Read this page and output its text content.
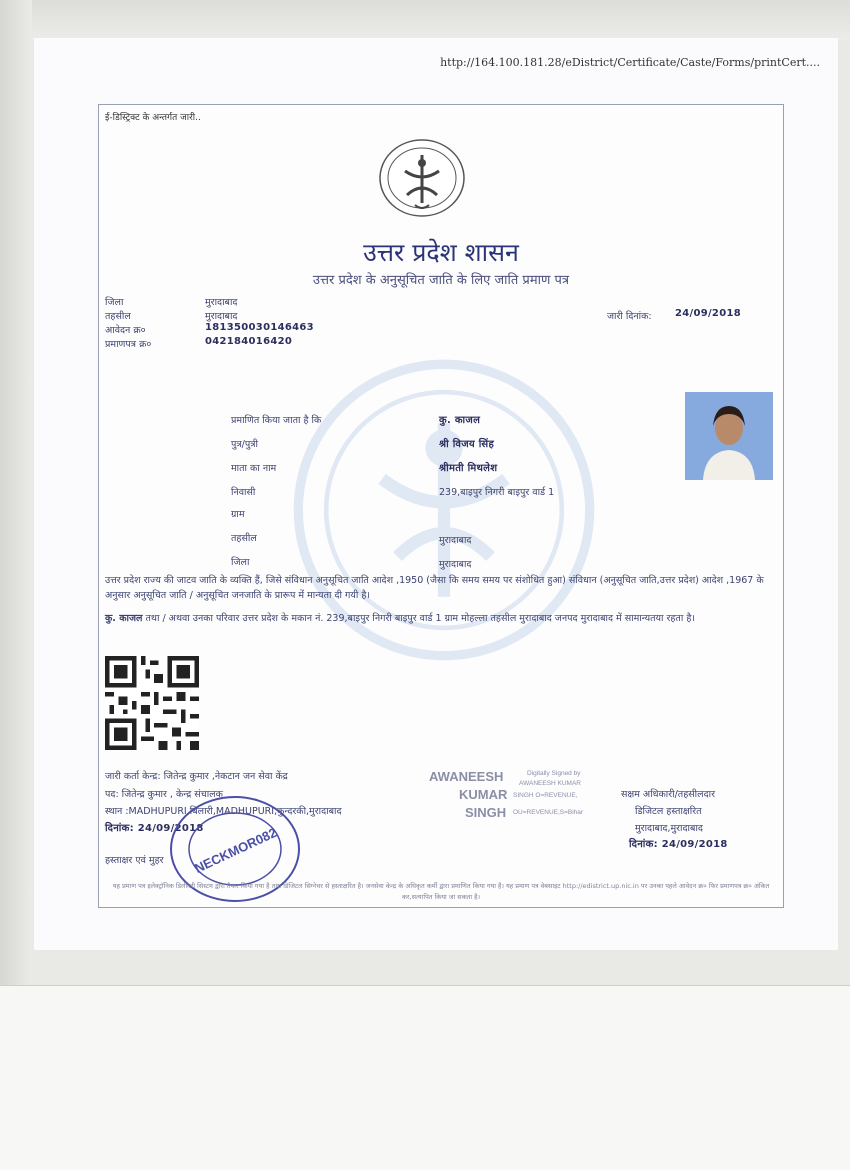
http://164.100.181.28/eDistrict/Certificate/Caste/Forms/printCert....
ई-डिस्ट्रिक्ट के अन्तर्गत जारी..
उत्तर प्रदेश शासन
उत्तर प्रदेश के अनुसूचित जाति के लिए जाति प्रमाण पत्र
जिला	मुरादाबाद
तहसील	मुरादाबाद
आवेदन क्र०	181350030146463
प्रमाणपत्र क्र०	042184016420
जारी दिनांक: 24/09/2018
प्रमाणित किया जाता है कि	कु. काजल
पुत्र/पुत्री	श्री विजय सिंह
माता का नाम	श्रीमती मिथलेश
निवासी	239,बाइपुर निगरी बाइपुर वार्ड 1
ग्राम
तहसील	मुरादाबाद
जिला	मुरादाबाद
उत्तर प्रदेश राज्य की जाटव जाति के व्यक्ति हैं, जिसे संविधान अनुसूचित जाति आदेश ,1950 (जैसा कि समय समय पर संशोधित हुआ) संविधान (अनुसूचित जाति,उत्तर प्रदेश) आदेश ,1967 के अनुसार अनुसूचित जाति / अनुसूचित जनजाति के प्रारूप में मान्यता दी गयी है।
कु. काजल तथा / अथवा उनका परिवार उत्तर प्रदेश के मकान नं. 239,बाइपुर निगरी बाइपुर वार्ड 1 ग्राम मोहल्ला तहसील मुरादाबाद जनपद मुरादाबाद में सामान्यतया रहता है।
जारी कर्ता केन्द्र: जितेन्द्र कुमार ,नेकटान जन सेवा केंद्र
पद: जितेन्द्र कुमार , केन्द्र संचालक
स्थान :MADHUPURI,बिलारी,MADHUPURI,कुन्दरकी,मुरादाबाद
दिनांक: 24/09/2018
हस्ताक्षर एवं मुहर NECKMOR082
AWANEESH
KUMAR
SINGH
Digitally Signed by
AWANEESH KUMAR
SINGH O=REVENUE,
OU=REVENUE,S=Bihar
सक्षम अधिकारी/तहसीलदार
डिजिटल हस्ताक्षरित
मुरादाबाद,मुरादाबाद
दिनांक: 24/09/2018
यह प्रमाण पत्र इलेक्ट्रॉनिक डिलीवरी सिस्टम द्वारा तैयार किया गया है तथा डिजिटल सिग्नेचर से हस्ताक्षरित है। जनसेवा केन्द्र के अधिकृत कर्मी द्वारा प्रमाणित किया गया है। यह प्रमाण पत्र वेबसाइट http://edistrict.up.nic.in पर उनका पहले आवेदन क्र० फिर प्रमाणपत्र क्र० अंकित कर,सत्यापित किया जा सकता है।
